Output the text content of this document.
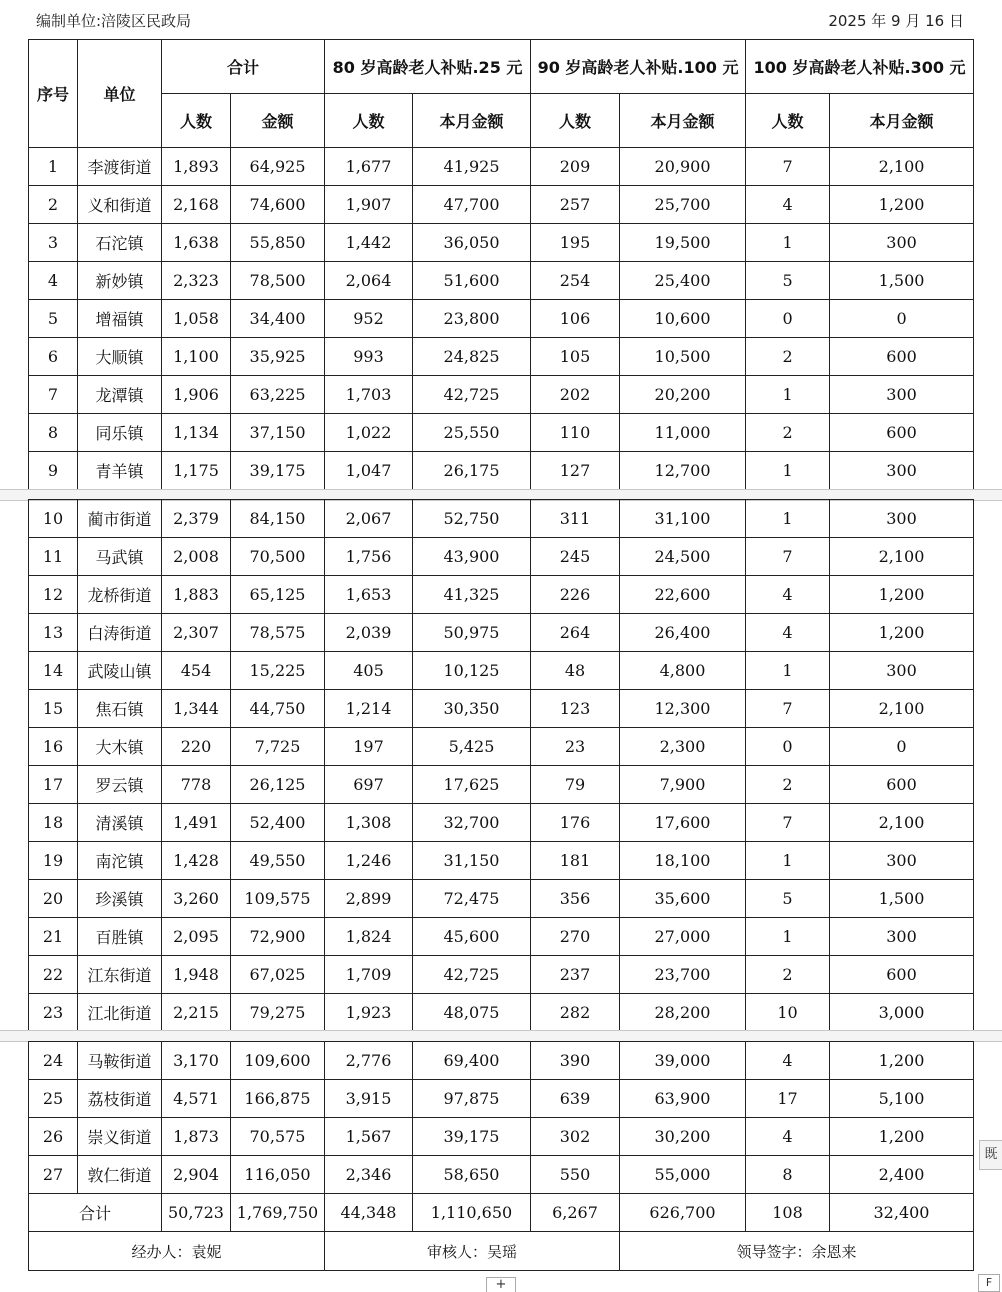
编制单位:涪陵区民政局	2025 年 9 月 16 日
序号	单位	合计		80 岁高龄老人补贴.25 元		90 岁高龄老人补贴.100 元		100 岁高龄老人补贴.300 元	
		人数	金额	人数	本月金额	人数	本月金额	人数	本月金额
1	李渡街道	1,893	64,925	1,677	41,925	209	20,900	7	2,100
2	义和街道	2,168	74,600	1,907	47,700	257	25,700	4	1,200
3	石沱镇	1,638	55,850	1,442	36,050	195	19,500	1	300
4	新妙镇	2,323	78,500	2,064	51,600	254	25,400	5	1,500
5	增福镇	1,058	34,400	952	23,800	106	10,600	0	0
6	大顺镇	1,100	35,925	993	24,825	105	10,500	2	600
7	龙潭镇	1,906	63,225	1,703	42,725	202	20,200	1	300
8	同乐镇	1,134	37,150	1,022	25,550	110	11,000	2	600
9	青羊镇	1,175	39,175	1,047	26,175	127	12,700	1	300
10	蔺市街道	2,379	84,150	2,067	52,750	311	31,100	1	300
11	马武镇	2,008	70,500	1,756	43,900	245	24,500	7	2,100
12	龙桥街道	1,883	65,125	1,653	41,325	226	22,600	4	1,200
13	白涛街道	2,307	78,575	2,039	50,975	264	26,400	4	1,200
14	武陵山镇	454	15,225	405	10,125	48	4,800	1	300
15	焦石镇	1,344	44,750	1,214	30,350	123	12,300	7	2,100
16	大木镇	220	7,725	197	5,425	23	2,300	0	0
17	罗云镇	778	26,125	697	17,625	79	7,900	2	600
18	清溪镇	1,491	52,400	1,308	32,700	176	17,600	7	2,100
19	南沱镇	1,428	49,550	1,246	31,150	181	18,100	1	300
20	珍溪镇	3,260	109,575	2,899	72,475	356	35,600	5	1,500
21	百胜镇	2,095	72,900	1,824	45,600	270	27,000	1	300
22	江东街道	1,948	67,025	1,709	42,725	237	23,700	2	600
23	江北街道	2,215	79,275	1,923	48,075	282	28,200	10	3,000
24	马鞍街道	3,170	109,600	2,776	69,400	390	39,000	4	1,200
25	荔枝街道	4,571	166,875	3,915	97,875	639	63,900	17	5,100
26	崇义街道	1,873	70,575	1,567	39,175	302	30,200	4	1,200
27	敦仁街道	2,904	116,050	2,346	58,650	550	55,000	8	2,400
合计		50,723	1,769,750	44,348	1,110,650	6,267	626,700	108	32,400
经办人：袁妮				审核人：吴瑶			领导签字：余恩来		
既
+	F
